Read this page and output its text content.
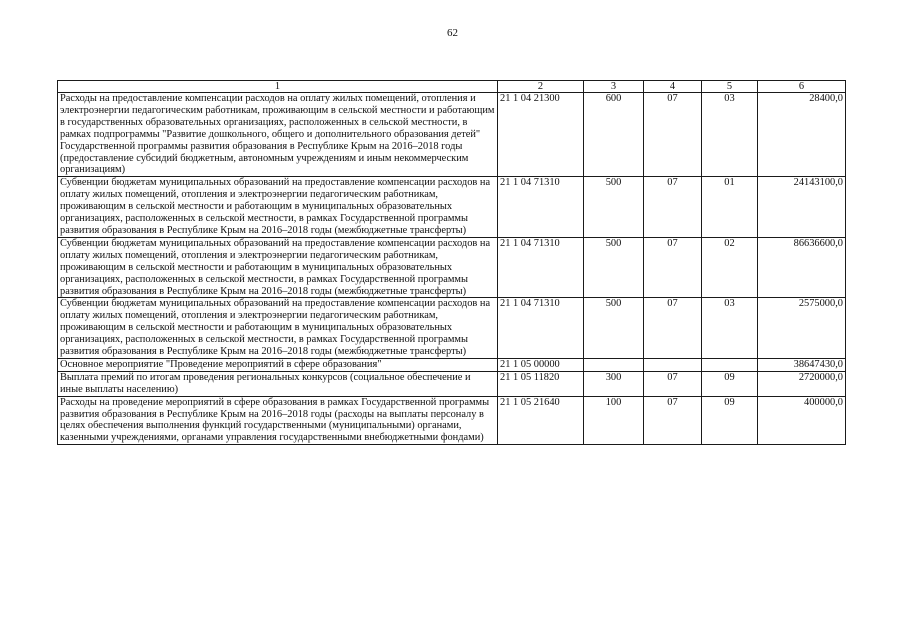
62
1	2	3	4	5	6
Расходы на предоставление компенсации расходов на оплату жилых помещений, отопления и электроэнергии педагогическим работникам, проживающим в сельской местности и работающим в государственных образовательных организациях, расположенных в сельской местности, в рамках подпрограммы "Развитие дошкольного, общего и дополнительного образования детей" Государственной программы развития образования в Республике Крым на 2016–2018 годы (предоставление субсидий бюджетным, автономным учреждениям и иным некоммерческим организациям)	21 1 04 21300	600	07	03	28400,0
Субвенции бюджетам муниципальных образований на предоставление компенсации расходов на оплату жилых помещений, отопления и электроэнергии педагогическим работникам, проживающим в сельской местности и работающим в муниципальных образовательных организациях, расположенных в сельской местности, в рамках Государственной программы развития образования в Республике Крым на 2016–2018 годы (межбюджетные трансферты)	21 1 04 71310	500	07	01	24143100,0
Субвенции бюджетам муниципальных образований на предоставление компенсации расходов на оплату жилых помещений, отопления и электроэнергии педагогическим работникам, проживающим в сельской местности и работающим в муниципальных образовательных организациях, расположенных в сельской местности, в рамках Государственной программы развития образования в Республике Крым на 2016–2018 годы (межбюджетные трансферты)	21 1 04 71310	500	07	02	86636600,0
Субвенции бюджетам муниципальных образований на предоставление компенсации расходов на оплату жилых помещений, отопления и электроэнергии педагогическим работникам, проживающим в сельской местности и работающим в муниципальных образовательных организациях, расположенных в сельской местности, в рамках Государственной программы развития образования в Республике Крым на 2016–2018 годы (межбюджетные трансферты)	21 1 04 71310	500	07	03	2575000,0
Основное мероприятие "Проведение мероприятий в сфере образования"	21 1 05 00000				38647430,0
Выплата премий по итогам проведения региональных конкурсов (социальное обеспечение и иные выплаты населению)	21 1 05 11820	300	07	09	2720000,0
Расходы на проведение мероприятий в сфере образования в рамках Государственной программы развития образования в Республике Крым на 2016–2018 годы (расходы на выплаты персоналу в целях обеспечения выполнения функций государственными (муниципальными) органами, казенными учреждениями, органами управления государственными внебюджетными фондами)	21 1 05 21640	100	07	09	400000,0
